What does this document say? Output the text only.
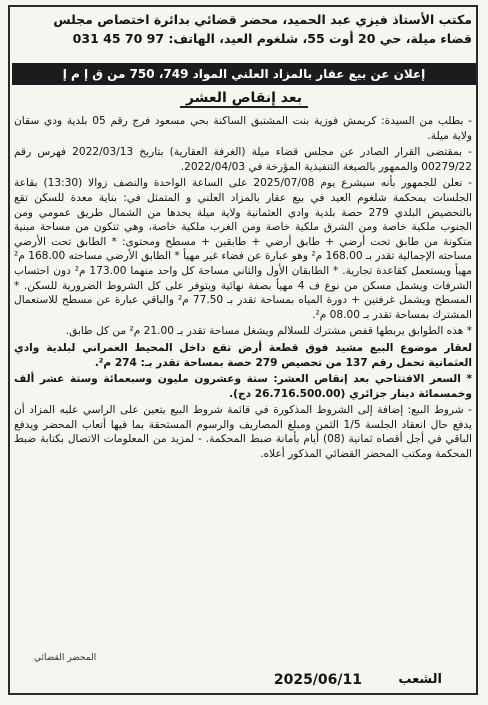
مكتب الأستاذ فيزي عبد الحميد، محضر قضائي بدائرة اختصاص مجلس
قضاء ميلة، حي 20 أوت 55، شلغوم العيد، الهاتف: 97 70 45 031
إعلان عن بيع عقار بالمزاد العلني المواد 749، 750 من ق إ م إ
بعد إنقاص العشر

- بطلب من السيدة: كريمش فوزية بنت المشتبق الساكنة بحي مسعود فرج رقم 05 بلدية ودي سقان ولاية ميلة.

- بمقتضى القرار الصادر عن مجلس قضاء ميلة (الغرفة العقارية) بتاريخ 2022/03/13 فهرس رقم 00279/22 والممهور بالصيغة التنفيذية المؤرخة في 2022/04/03.

- نعلن للجمهور بأنه سيشرع يوم 2025/07/08 على الساعة الواحدة والنصف زوالا (13:30) بقاعة الجلسات بمحكمة شلغوم العيد في بيع عقار بالمزاد العلني و المتمثل في: بناية معدة للسكن تقع بالتحصيص البلدي 279 حصة بلدية وادي العثمانية ولاية ميلة يحدها من الشمال طريق عمومي ومن الجنوب ملكية خاصة ومن الشرق ملكية خاصة ومن الغرب ملكية خاصة، وهي تتكون من مساحة مبنية متكونة من طابق تحت أرضي + طابق أرضي + طابقين + مسطح ومحتوى: * الطابق تحت الأرضي مساحته الإجمالية تقدر بـ 168.00 م² وهو عبارة عن فضاء غير مهيأ * الطابق الأرضي مساحته 168.00 م² مهيأ ويستعمل كقاعدة تجارية. * الطابقان الأول والثاني مساحة كل واحد منهما 173.00 م² دون احتساب الشرفات ويشمل مسكن من نوع ف 4 مهيأ بصفة نهائية ويتوفر على كل الشروط الضرورية للسكن. * المسطح ويشمل غرفتين + دورة المياه بمساحة تقدر بـ 77.50 م² والباقي عبارة عن مسطح للاستعمال المشترك بمساحة تقدر بـ 08.00 م².

* هذه الطوابق يربطها قفص مشترك للسلالم ويشغل مساحة تقدر بـ 21.00 م² من كل طابق.

لعقار موضوع البيع مشيد فوق قطعة أرض تقع داخل المحيط العمراني لبلدية وادي العثمانية تحمل رقم 137 من تحصيص 279 حصة بمساحة تقدر بـ: 274 م².

* السعر الافتتاحي بعد إنقاص العشر: ستة وعشرون مليون وسبعمائة وستة عشر ألف وخمسمائة دينار جزائري (26.716.500.00 دج).

- شروط البيع: إضافة إلى الشروط المذكورة في قائمة شروط البيع يتعين على الراسي عليه المزاد أن يدفع حال انعقاد الجلسة 1/5 الثمن ومبلغ المصاريف والرسوم المستحقة بما فيها أتعاب المحضر ويدفع الباقي في أجل أقصاه ثمانية (08) أيام بأمانة ضبط المحكمة. - لمزيد من المعلومات الاتصال بكتابة ضبط المحكمة ومكتب المحضر القضائي المذكور أعلاه.

المحضر القضائي
الشعب
2025/06/11
